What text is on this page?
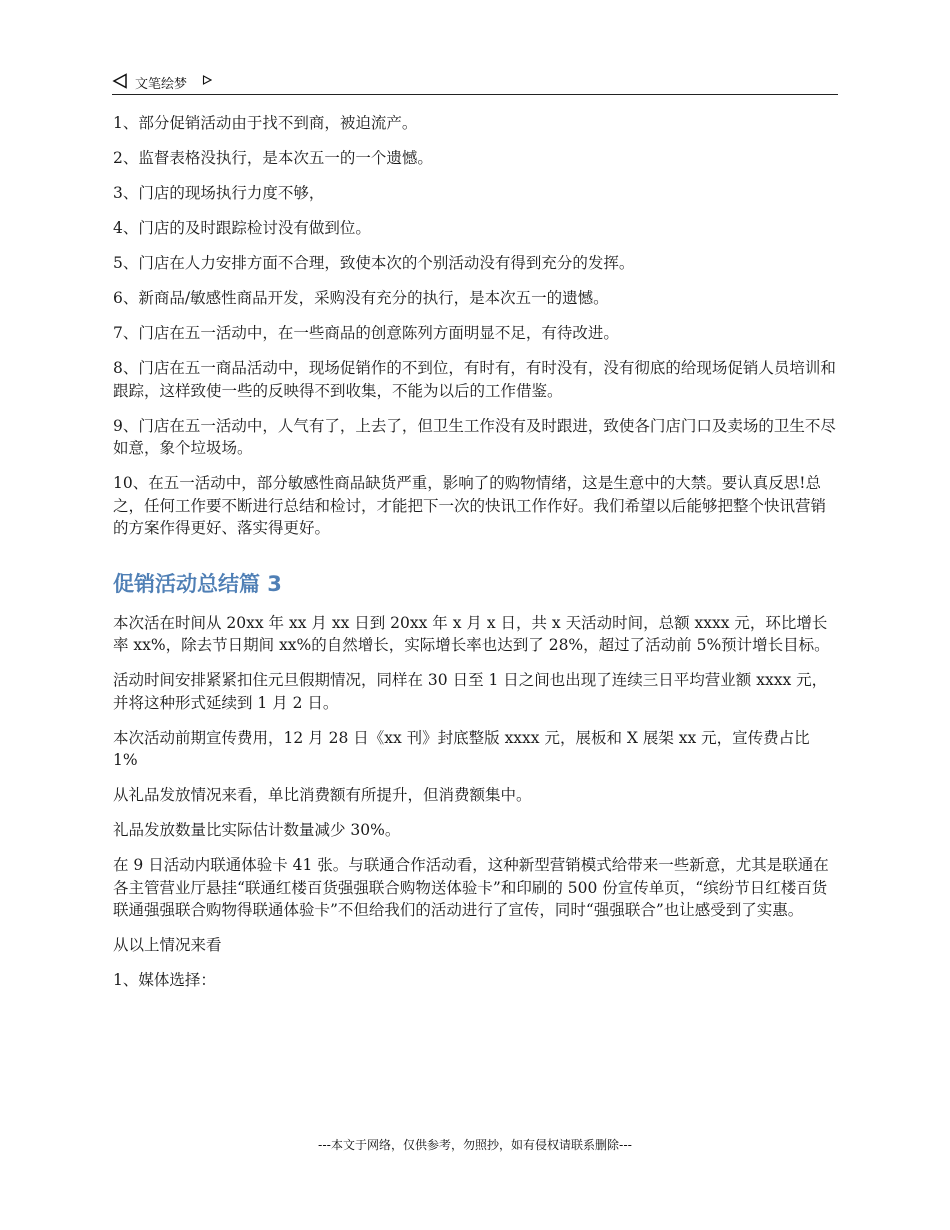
文笔绘梦

1、部分促销活动由于找不到商，被迫流产。

2、监督表格没执行，是本次五一的一个遗憾。

3、门店的现场执行力度不够，

4、门店的及时跟踪检讨没有做到位。

5、门店在人力安排方面不合理，致使本次的个别活动没有得到充分的发挥。

6、新商品/敏感性商品开发，采购没有充分的执行，是本次五一的遗憾。

7、门店在五一活动中，在一些商品的创意陈列方面明显不足，有待改进。

8、门店在五一商品活动中，现场促销作的不到位，有时有，有时没有，没有彻底的给现场促销人员培训和跟踪，这样致使一些的反映得不到收集，不能为以后的工作借鉴。

9、门店在五一活动中，人气有了，上去了，但卫生工作没有及时跟进，致使各门店门口及卖场的卫生不尽如意，象个垃圾场。

10、在五一活动中，部分敏感性商品缺货严重，影响了的购物情绪，这是生意中的大禁。要认真反思!总之，任何工作要不断进行总结和检讨，才能把下一次的快讯工作作好。我们希望以后能够把整个快讯营销的方案作得更好、落实得更好。

促销活动总结篇 3

本次活在时间从 20xx 年 xx 月 xx 日到 20xx 年 x 月 x 日，共 x 天活动时间，总额 xxxx 元，环比增长率 xx%，除去节日期间 xx%的自然增长，实际增长率也达到了 28%，超过了活动前 5%预计增长目标。

活动时间安排紧紧扣住元旦假期情况，同样在 30 日至 1 日之间也出现了连续三日平均营业额 xxxx 元，并将这种形式延续到 1 月 2 日。

本次活动前期宣传费用，12 月 28 日《xx 刊》封底整版 xxxx 元，展板和 X 展架 xx 元，宣传费占比 1%

从礼品发放情况来看，单比消费额有所提升，但消费额集中。

礼品发放数量比实际估计数量减少 30%。

在 9 日活动内联通体验卡 41 张。与联通合作活动看，这种新型营销模式给带来一些新意，尤其是联通在各主管营业厅悬挂“联通红楼百货强强联合购物送体验卡”和印刷的 500 份宣传单页，“缤纷节日红楼百货联通强强联合购物得联通体验卡”不但给我们的活动进行了宣传，同时“强强联合”也让感受到了实惠。

从以上情况来看

1、媒体选择：

---本文于网络，仅供参考，勿照抄，如有侵权请联系删除---
